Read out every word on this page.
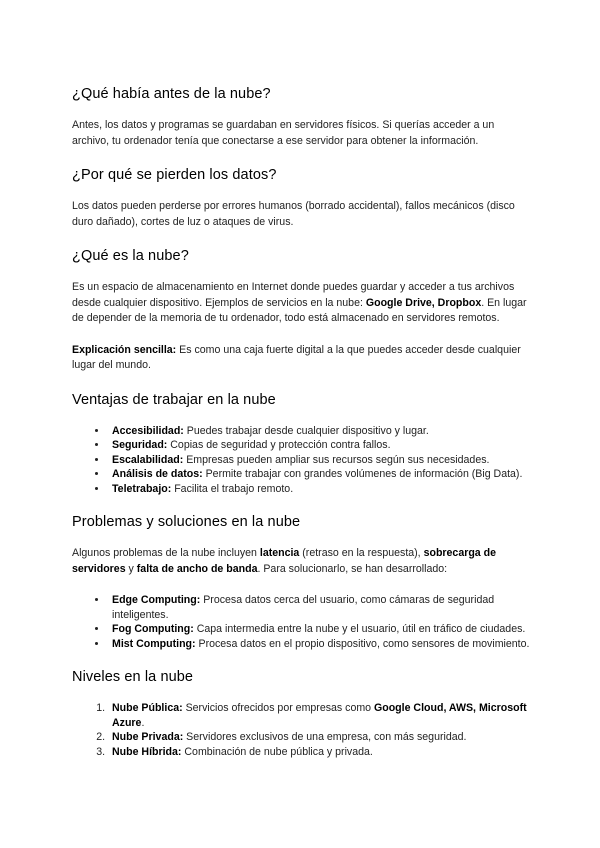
¿Qué había antes de la nube?

Antes, los datos y programas se guardaban en servidores físicos. Si querías acceder a un archivo, tu ordenador tenía que conectarse a ese servidor para obtener la información.

¿Por qué se pierden los datos?

Los datos pueden perderse por errores humanos (borrado accidental), fallos mecánicos (disco duro dañado), cortes de luz o ataques de virus.

¿Qué es la nube?

Es un espacio de almacenamiento en Internet donde puedes guardar y acceder a tus archivos desde cualquier dispositivo. Ejemplos de servicios en la nube: Google Drive, Dropbox. En lugar de depender de la memoria de tu ordenador, todo está almacenado en servidores remotos.

Explicación sencilla: Es como una caja fuerte digital a la que puedes acceder desde cualquier lugar del mundo.

Ventajas de trabajar en la nube
• Accesibilidad: Puedes trabajar desde cualquier dispositivo y lugar.
• Seguridad: Copias de seguridad y protección contra fallos.
• Escalabilidad: Empresas pueden ampliar sus recursos según sus necesidades.
• Análisis de datos: Permite trabajar con grandes volúmenes de información (Big Data).
• Teletrabajo: Facilita el trabajo remoto.
Problemas y soluciones en la nube

Algunos problemas de la nube incluyen latencia (retraso en la respuesta), sobrecarga de servidores y falta de ancho de banda. Para solucionarlo, se han desarrollado:

• Edge Computing: Procesa datos cerca del usuario, como cámaras de seguridad inteligentes.
• Fog Computing: Capa intermedia entre la nube y el usuario, útil en tráfico de ciudades.
• Mist Computing: Procesa datos en el propio dispositivo, como sensores de movimiento.
Niveles en la nube
1. Nube Pública: Servicios ofrecidos por empresas como Google Cloud, AWS, Microsoft Azure.
2. Nube Privada: Servidores exclusivos de una empresa, con más seguridad.
3. Nube Híbrida: Combinación de nube pública y privada.
